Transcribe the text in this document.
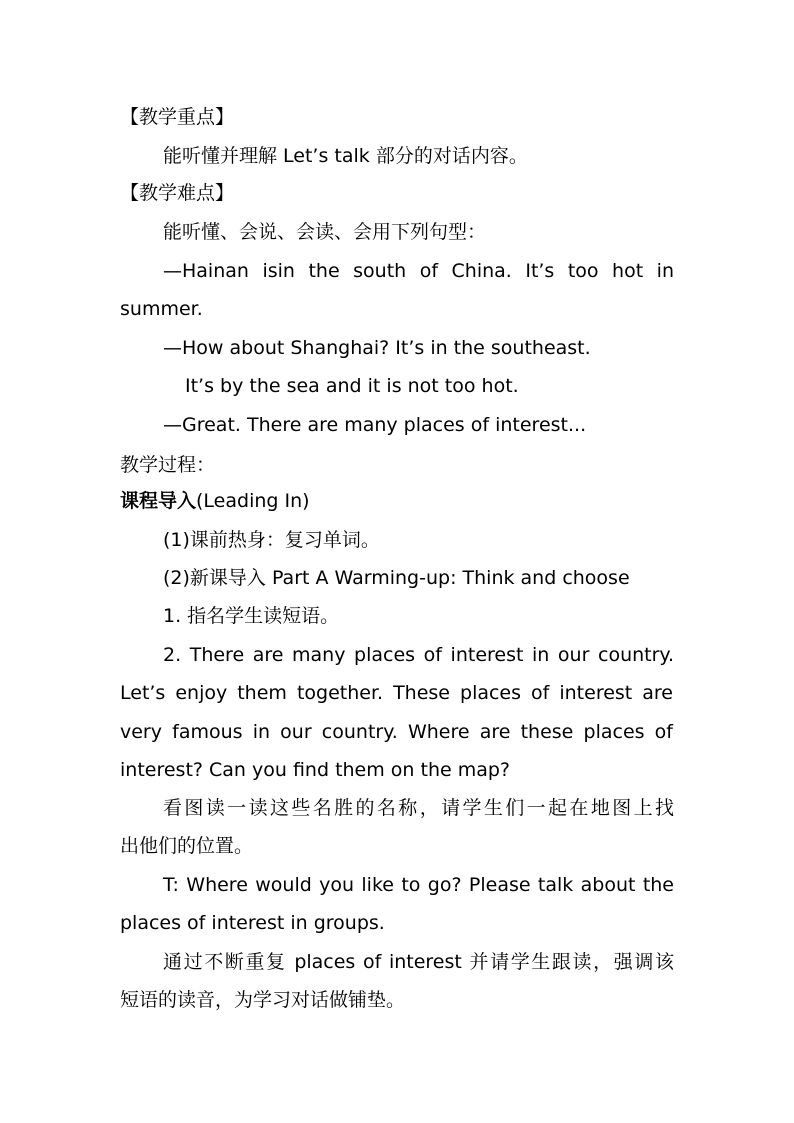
【教学重点】
能听懂并理解 Let’s talk 部分的对话内容。
【教学难点】
能听懂、会说、会读、会用下列句型：
—Hainan isin the south of China. It’s too hot in
summer.
—How about Shanghai? It’s in the southeast.
It’s by the sea and it is not too hot.
—Great. There are many places of interest...
教学过程：
课程导入(Leading In)
(1)课前热身：复习单词。
(2)新课导入 Part A Warming-up: Think and choose
1. 指名学生读短语。
2. There are many places of interest in our country.
Let’s enjoy them together. These places of interest are
very famous in our country. Where are these places of
interest? Can you find them on the map?
看图读一读这些名胜的名称，请学生们一起在地图上找
出他们的位置。
T: Where would you like to go? Please talk about the
places of interest in groups.
通过不断重复 places of interest 并请学生跟读，强调该
短语的读音，为学习对话做铺垫。
